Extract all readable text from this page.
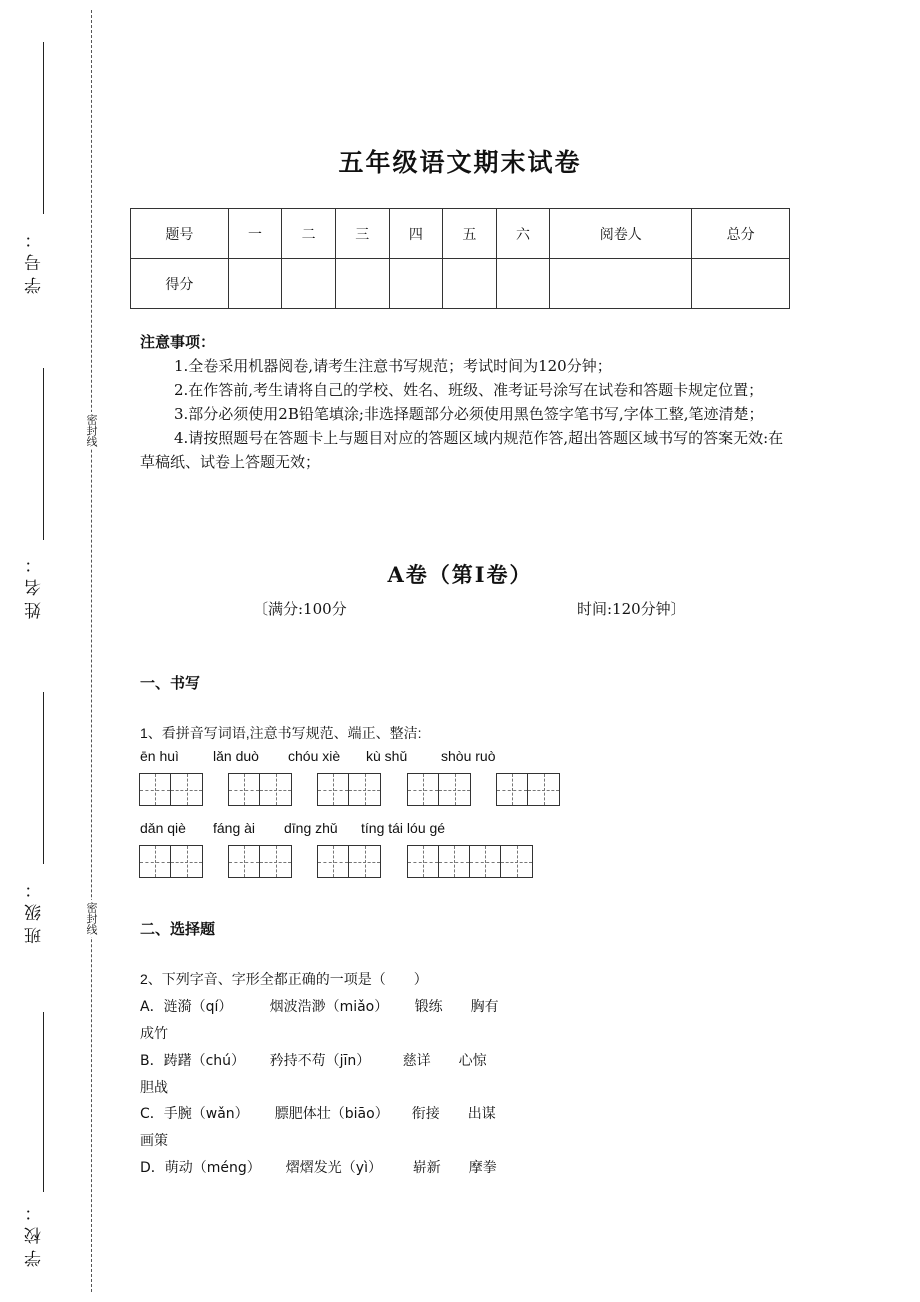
学号：
姓名：
班级：
学校：
密封线
密封线
五年级语文期末试卷
题号	一	二	三	四	五	六	阅卷人	总分
得分								
注意事项：
1.全卷采用机器阅卷,请考生注意书写规范；考试时间为120分钟；
2.在作答前,考生请将自己的学校、姓名、班级、准考证号涂写在试卷和答题卡规定位置；
3.部分必须使用2B铅笔填涂;非选择题部分必须使用黑色签字笔书写,字体工整,笔迹清楚；
4.请按照题号在答题卡上与题目对应的答题区域内规范作答,超出答题区域书写的答案无效:在草稿纸、试卷上答题无效；
A卷（第I卷）
〔满分:100分	时间:120分钟〕
一、书写
1、看拼音写词语,注意书写规范、端正、整洁:
ēn huì lǎn duò chóu xiè kù shǔ shòu ruò
dǎn qiè fáng ài dīng zhǔ tíng tái lóu gé
二、选择题
2、下列字音、字形全都正确的一项是（　　）
A．涟漪（qí）	烟波浩渺（miǎo） 锻练 胸有
成竹
B．踌躇（chú） 矜持不苟（jīn） 慈详 心惊
胆战
C．手腕（wǎn） 膘肥体壮（biāo） 衔接 出谋
画策
D．萌动（méng） 熠熠发光（yì） 崭新 摩拳
